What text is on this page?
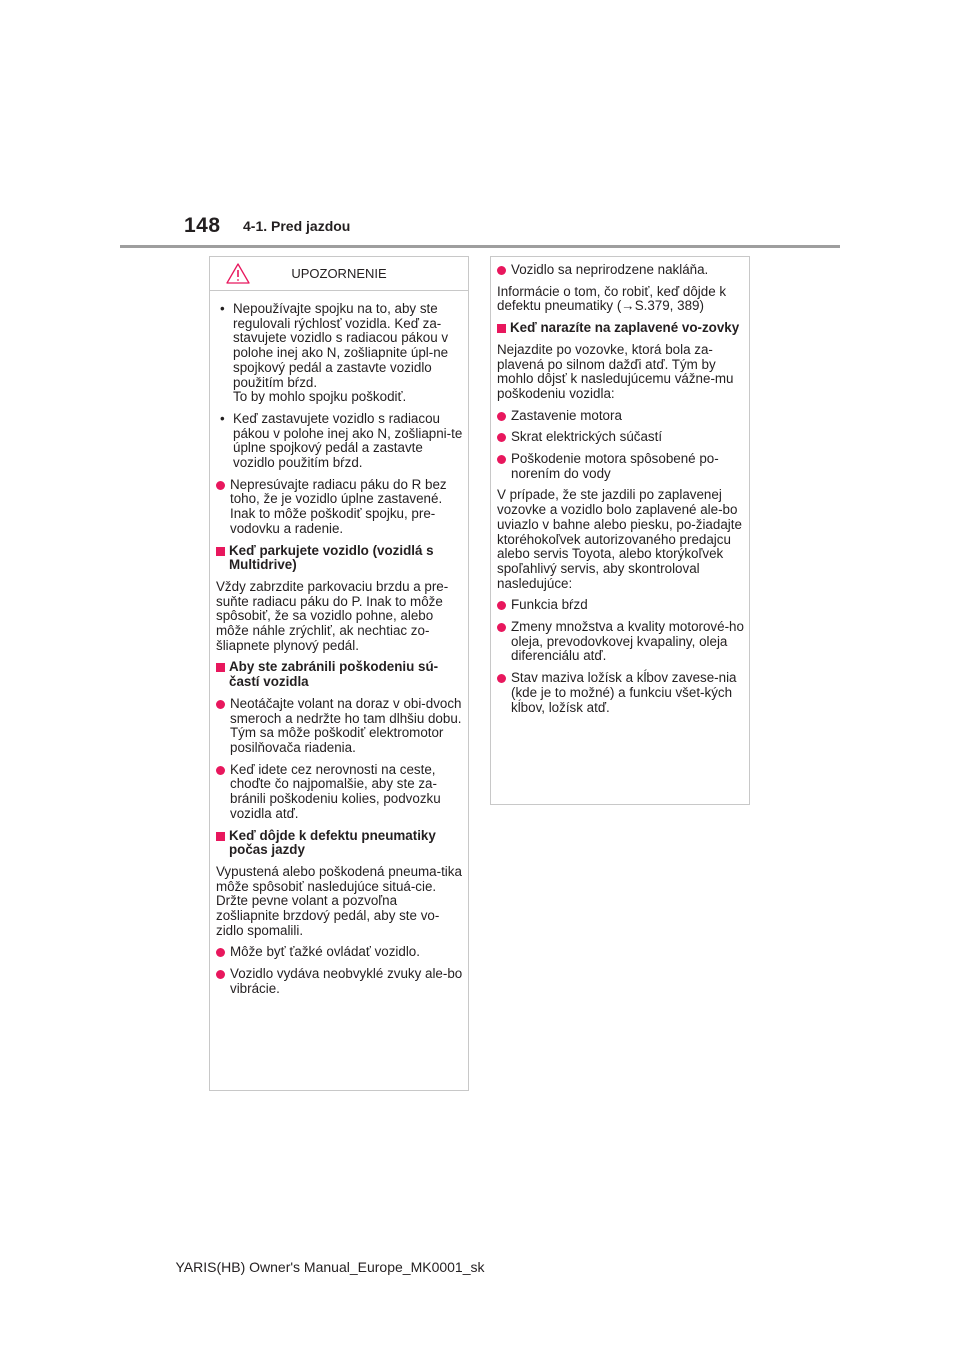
148 4-1. Pred jazdou
UPOZORNENIE
• Nepoužívajte spojku na to, aby ste regulovali rýchlosť vozidla. Keď za-stavujete vozidlo s radiacou pákou v polohe inej ako N, zošliapnite úpl-ne spojkový pedál a zastavte vozidlo použitím bŕzd.
To by mohlo spojku poškodiť.
• Keď zastavujete vozidlo s radiacou pákou v polohe inej ako N, zošliapni-te úplne spojkový pedál a zastavte vozidlo použitím bŕzd.
Nepresúvajte radiacu páku do R bez toho, že je vozidlo úplne zastavené. Inak to môže poškodiť spojku, pre-vodovku a radenie.
Keď parkujete vozidlo (vozidlá s Multidrive)

Vždy zabrzdite parkovaciu brzdu a pre-suňte radiacu páku do P. Inak to môže spôsobiť, že sa vozidlo pohne, alebo môže náhle zrýchliť, ak nechtiac zo-šliapnete plynový pedál.

Aby ste zabránili poškodeniu sú-častí vozidla
Neotáčajte volant na doraz v obi-dvoch smeroch a nedržte ho tam dlhšiu dobu.
Tým sa môže poškodiť elektromotor posilňovača riadenia.
Keď idete cez nerovnosti na ceste, choďte čo najpomalšie, aby ste za-bránili poškodeniu kolies, podvozku vozidla atď.
Keď dôjde k defektu pneumatiky počas jazdy

Vypustená alebo poškodená pneuma-tika môže spôsobiť nasledujúce situá-cie. Držte pevne volant a pozvoľna zošliapnite brzdový pedál, aby ste vo-zidlo spomalili.

Môže byť ťažké ovládať vozidlo.
Vozidlo vydáva neobvyklé zvuky ale-bo vibrácie.
Vozidlo sa neprirodzene nakláňa.

Informácie o tom, čo robiť, keď dôjde k defektu pneumatiky (→S.379, 389)

Keď narazíte na zaplavené vo-zovky

Nejazdite po vozovke, ktorá bola za-plavená po silnom dažďi atď. Tým by mohlo dôjsť k nasledujúcemu vážne-mu poškodeniu vozidla:

Zastavenie motora
Skrat elektrických súčastí
Poškodenie motora spôsobené po-norením do vody

V prípade, že ste jazdili po zaplavenej vozovke a vozidlo bolo zaplavené ale-bo uviazlo v bahne alebo piesku, po-žiadajte ktoréhokoľvek autorizovaného predajcu alebo servis Toyota, alebo ktorýkoľvek spoľahlivý servis, aby skontroloval nasledujúce:

Funkcia bŕzd
Zmeny množstva a kvality motorové-ho oleja, prevodovkovej kvapaliny, oleja diferenciálu atď.
Stav maziva ložísk a kĺbov zavese-nia (kde je to možné) a funkciu všet-kých kĺbov, ložísk atď.
YARIS(HB) Owner's Manual_Europe_MK0001_sk
